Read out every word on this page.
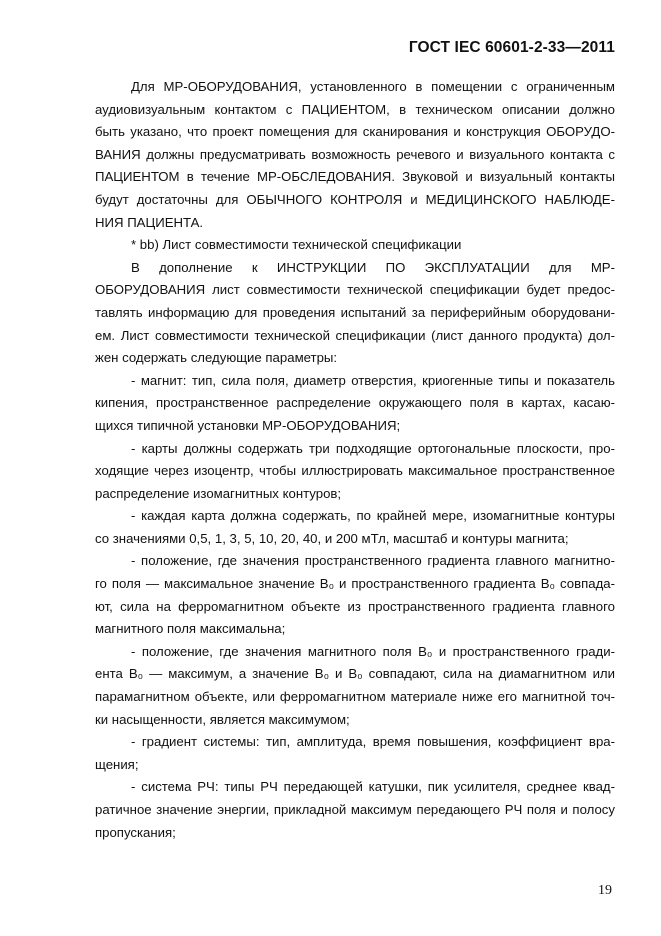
ГОСТ IEC 60601-2-33—2011
Для МР-ОБОРУДОВАНИЯ, установленного в помещении с ограниченным
аудиовизуальным контактом с ПАЦИЕНТОМ, в техническом описании должно
быть указано, что проект помещения для сканирования и конструкция ОБОРУДО-
ВАНИЯ должны предусматривать возможность речевого и визуального контакта с
ПАЦИЕНТОМ в течение МР-ОБСЛЕДОВАНИЯ. Звуковой и визуальный контакты
будут достаточны для ОБЫЧНОГО КОНТРОЛЯ и МЕДИЦИНСКОГО НАБЛЮДЕ-
НИЯ ПАЦИЕНТА.
* bb) Лист совместимости технической спецификации
В дополнение к ИНСТРУКЦИИ ПО ЭКСПЛУАТАЦИИ для МР-
ОБОРУДОВАНИЯ лист совместимости технической спецификации будет предос-
тавлять информацию для проведения испытаний за периферийным оборудовани-
ем. Лист совместимости технической спецификации (лист данного продукта) дол-
жен содержать следующие параметры:
- магнит: тип, сила поля, диаметр отверстия, криогенные типы и показатель
кипения, пространственное распределение окружающего поля в картах, касаю-
щихся типичной установки МР-ОБОРУДОВАНИЯ;
- карты должны содержать три подходящие ортогональные плоскости, про-
ходящие через изоцентр, чтобы иллюстрировать максимальное пространственное
распределение изомагнитных контуров;
- каждая карта должна содержать, по крайней мере, изомагнитные контуры
со значениями 0,5, 1, 3, 5, 10, 20, 40, и 200 мТл, масштаб и контуры магнита;
- положение, где значения пространственного градиента главного магнитно-
го поля — максимальное значение B₀ и пространственного градиента B₀ совпада-
ют, сила на ферромагнитном объекте из пространственного градиента главного
магнитного поля максимальна;
- положение, где значения магнитного поля B₀ и пространственного гради-
ента B₀ — максимум, а значение B₀ и B₀ совпадают, сила на диамагнитном или
парамагнитном объекте, или ферромагнитном материале ниже его магнитной точ-
ки насыщенности, является максимумом;
- градиент системы: тип, амплитуда, время повышения, коэффициент вра-
щения;
- система РЧ: типы РЧ передающей катушки, пик усилителя, среднее квад-
ратичное значение энергии, прикладной максимум передающего РЧ поля и полосу
пропускания;
19
